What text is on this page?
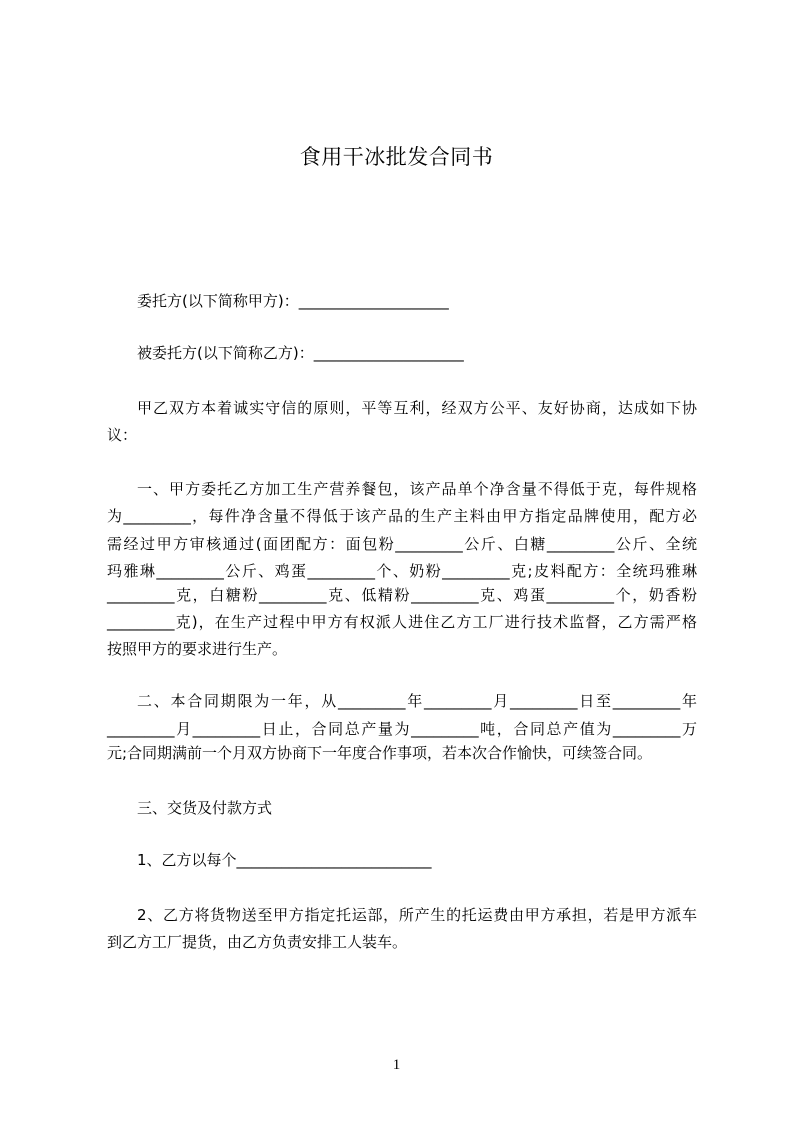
食用干冰批发合同书
委托方(以下简称甲方)：____________________
被委托方(以下简称乙方)：____________________
甲乙双方本着诚实守信的原则，平等互利，经双方公平、友好协商，达成如下协
议：
一、甲方委托乙方加工生产营养餐包，该产品单个净含量不得低于克，每件规格
为_________，每件净含量不得低于该产品的生产主料由甲方指定品牌使用，配方必
需经过甲方审核通过(面团配方：面包粉_________公斤、白糖_________公斤、全统
玛雅琳_________公斤、鸡蛋_________个、奶粉_________克;皮料配方：全统玛雅琳
_________克，白糖粉_________克、低精粉_________克、鸡蛋_________个，奶香粉
_________克)，在生产过程中甲方有权派人进住乙方工厂进行技术监督，乙方需严格
按照甲方的要求进行生产。
二、本合同期限为一年，从_________年_________月_________日至_________年
_________月_________日止，合同总产量为_________吨，合同总产值为_________万
元;合同期满前一个月双方协商下一年度合作事项，若本次合作愉快，可续签合同。
三、交货及付款方式
1、乙方以每个__________________________
2、乙方将货物送至甲方指定托运部，所产生的托运费由甲方承担，若是甲方派车
到乙方工厂提货，由乙方负责安排工人装车。
1
